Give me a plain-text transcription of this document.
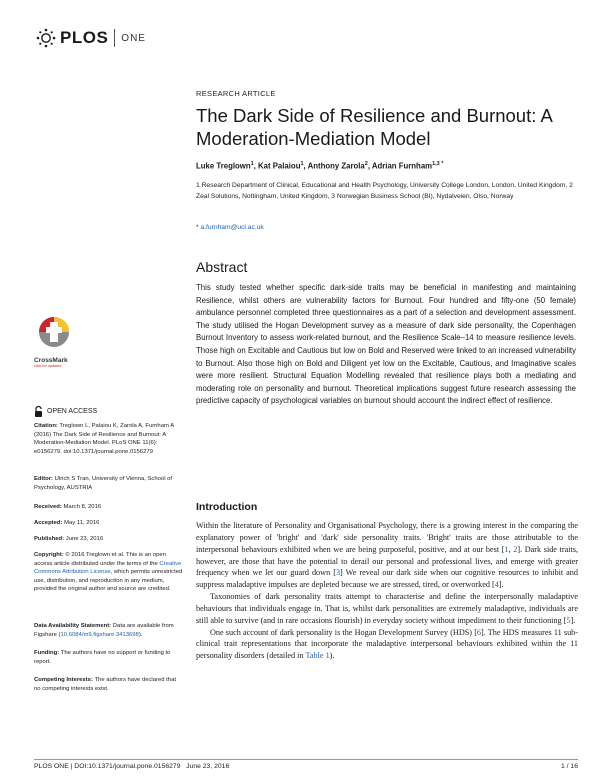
PLOS ONE
RESEARCH ARTICLE
The Dark Side of Resilience and Burnout: A Moderation-Mediation Model
Luke Treglown$^1$, Kat Palaiou$^1$, Anthony Zarola$^2$, Adrian Furnham$^{1,3 *}$
1 Research Department of Clinical, Educational and Health Psychology, University College London, London, United Kingdom, 2 Zeal Solutions, Nottingham, United Kingdom, 3 Norwegian Business School (BI), Nydalveien, Olso, Norway
* a.furnham@ucl.ac.uk
Abstract
This study tested whether specific dark-side traits may be beneficial in manifesting and maintaining Resilience, whilst others are vulnerability factors for Burnout. Four hundred and fifty-one (50 female) ambulance personnel completed three questionnaires as a part of a selection and development assessment. The study utilised the Hogan Development survey as a measure of dark side personality, the Copenhagen Burnout Inventory to assess work-related burnout, and the Resilience Scale–14 to measure resilience levels. Those high on Excitable and Cautious but low on Bold and Reserved were linked to an increased vulnerability to Burnout. Also those high on Bold and Diligent yet low on the Excitable, Cautious, and Imaginative scales were more resilient. Structural Equation Modelling revealed that resilience plays both a mediating and moderating role on personality and burnout. Theoretical implications suggest future research assessing the predictive capacity of psychological variables on burnout should account the indirect effect of resilience.
CrossMark
click for updates
OPEN ACCESS
Citation: Treglown L, Palaiou K, Zarola A, Furnham A (2016) The Dark Side of Resilience and Burnout: A Moderation-Mediation Model. PLoS ONE 11(6): e0156279. doi:10.1371/journal.pone.0156279
Editor: Ulrich S Tran, University of Vienna, School of Psychology, AUSTRIA
Received: March 8, 2016
Accepted: May 11, 2016
Published: June 23, 2016
Copyright: © 2016 Treglown et al. This is an open access article distributed under the terms of the Creative Commons Attribution License, which permits unrestricted use, distribution, and reproduction in any medium, provided the original author and source are credited.
Data Availability Statement: Data are available from Figshare (10.6084/m9.figshare.3413698).
Funding: The authors have no support or funding to report.
Competing Interests: The authors have declared that no competing interests exist.
Introduction

Within the literature of Personality and Organisational Psychology, there is a growing interest in the comparing the explanatory power of 'bright' and 'dark' side personality traits. 'Bright' traits are those attributable to the interpersonal behaviours exhibited when we are being purposeful, positive, and at our best [1, 2]. Dark side traits, however, are those that have the potential to derail our personal and professional lives, and emerge with greater frequency when we let our guard down [3] We reveal our dark side when our cognitive resources to inhibit and suppress maladaptive impulses are depleted because we are stressed, tired, or overworked [4].

Taxonomies of dark personality traits attempt to characterise and define the interpersonally maladaptive behaviours that individuals engage in. That is, whilst dark personalities are extremely maladaptive, individuals are still able to survive (and in rare occasions flourish) in everyday society without impediment to their functioning [5].

One such account of dark personality is the Hogan Development Survey (HDS) [6]. The HDS measures 11 sub-clinical trait representations that incorporate the maladaptive interpersonal behaviours exhibited within the 11 personality disorders (detailed in Table 1).

PLOS ONE | DOI:10.1371/journal.pone.0156279   June 23, 2016	1 / 16
